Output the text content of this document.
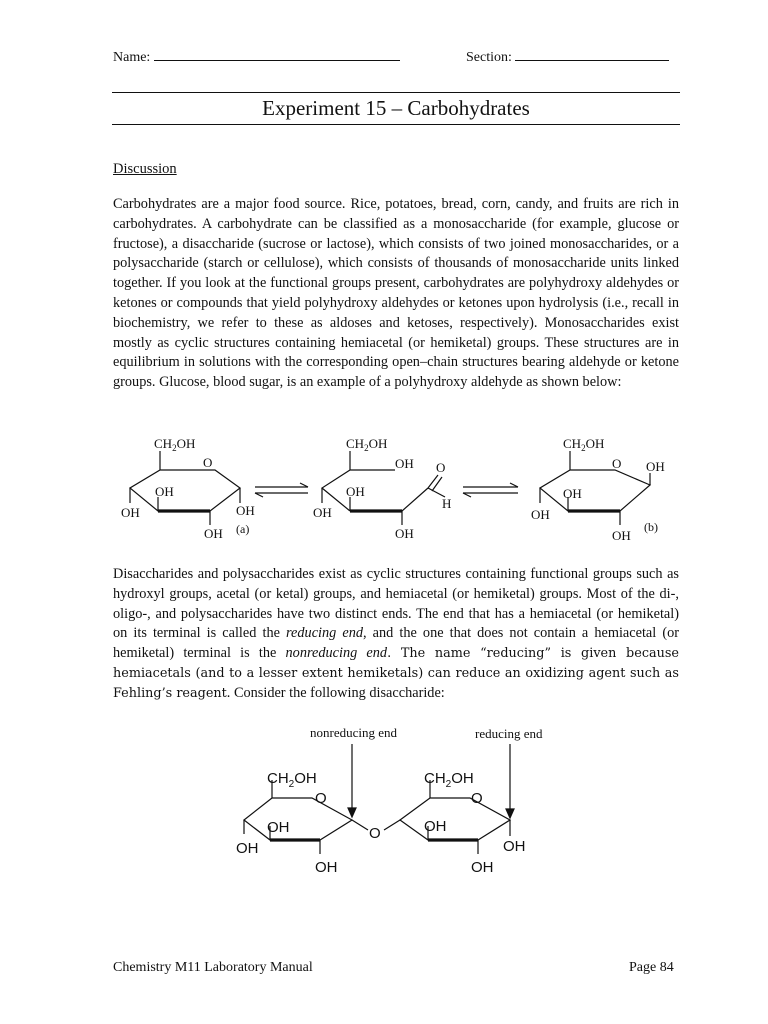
Name:	Section:
Experiment 15 – Carbohydrates
Discussion

Carbohydrates are a major food source. Rice, potatoes, bread, corn, candy, and fruits are rich in carbohydrates. A carbohydrate can be classified as a monosaccharide (for example, glucose or fructose), a disaccharide (sucrose or lactose), which consists of two joined monosaccharides, or a polysaccharide (starch or cellulose), which consists of thousands of monosaccharide units linked together. If you look at the functional groups present, carbohydrates are polyhydroxy aldehydes or ketones or compounds that yield polyhydroxy aldehydes or ketones upon hydrolysis (i.e., recall in biochemistry, we refer to these as aldoses and ketoses, respectively). Monosaccharides exist mostly as cyclic structures containing hemiacetal (or hemiketal) groups. These structures are in equilibrium in solutions with the corresponding open–chain structures bearing aldehyde or ketone groups. Glucose, blood sugar, is an example of a polyhydroxy aldehyde as shown below:

$CH_2OH$
O
OH
OH	OH
OH (a)
$CH_2OH$
OH
OH
OH
OH
O
H
$CH_2OH$
O OH
OH
OH
OH
(b)

Disaccharides and polysaccharides exist as cyclic structures containing functional groups such as hydroxyl groups, acetal (or ketal) groups, and hemiacetal (or hemiketal) groups. Most of the di-, oligo-, and polysaccharides have two distinct ends. The end that has a hemiacetal (or hemiketal) on its terminal is called the reducing end, and the one that does not contain a hemiacetal (or hemiketal) terminal is the nonreducing end. The name “reducing” is given because hemiacetals (and to a lesser extent hemiketals) can reduce an oxidizing agent such as Fehling’s reagent. Consider the following disaccharide:

nonreducing end	reducing end
$CH_2OH$
O
OH
OH
OH
O
$CH_2OH$
O
OH
OH
OH
Chemistry M11 Laboratory Manual	Page 84
